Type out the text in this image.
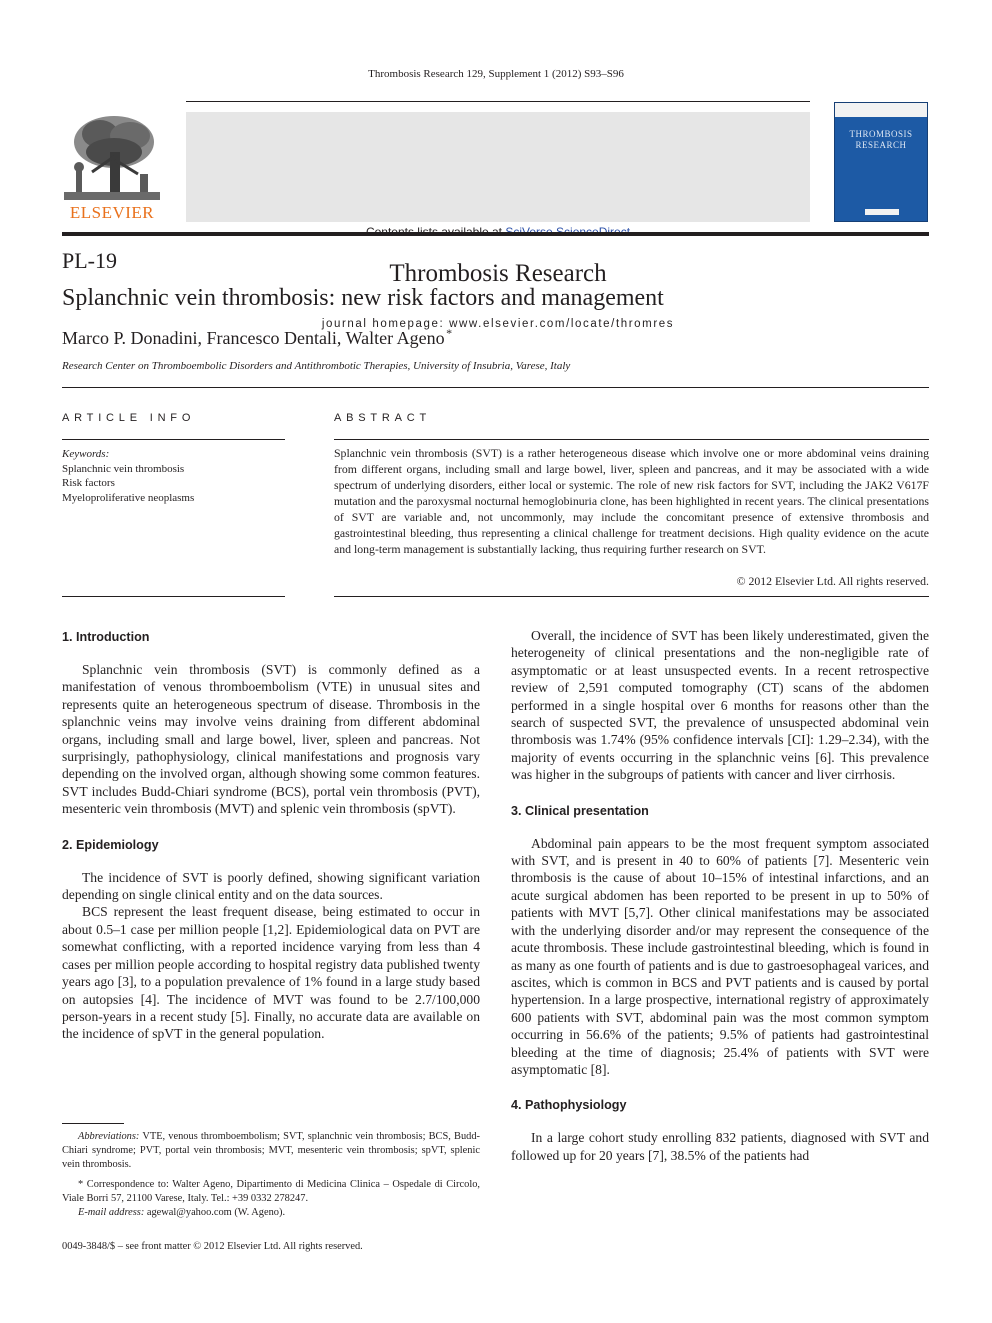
Thrombosis Research 129, Supplement 1 (2012) S93–S96
ELSEVIER
Contents lists available at SciVerse ScienceDirect
Thrombosis Research
journal homepage: www.elsevier.com/locate/thromres
THROMBOSIS
RESEARCH
PL-19
Splanchnic vein thrombosis: new risk factors and management
Marco P. Donadini, Francesco Dentali, Walter Ageno  *
Research Center on Thromboembolic Disorders and Antithrombotic Therapies, University of Insubria, Varese, Italy
ARTICLE INFO	ABSTRACT
Keywords:
Splanchnic vein thrombosis
Risk factors
Myeloproliferative neoplasms
Splanchnic vein thrombosis (SVT) is a rather heterogeneous disease which involve one or more abdominal veins draining from different organs, including small and large bowel, liver, spleen and pancreas, and it may be associated with a wide spectrum of underlying disorders, either local or systemic. The role of new risk factors for SVT, including the JAK2 V617F mutation and the paroxysmal nocturnal hemoglobinuria clone, has been highlighted in recent years. The clinical presentations of SVT are variable and, not uncommonly, may include the concomitant presence of extensive thrombosis and gastrointestinal bleeding, thus representing a clinical challenge for treatment decisions. High quality evidence on the acute and long-term management is substantially lacking, thus requiring further research on SVT.
© 2012 Elsevier Ltd. All rights reserved.
1. Introduction

Splanchnic vein thrombosis (SVT) is commonly defined as a manifestation of venous thromboembolism (VTE) in unusual sites and represents quite an heterogeneous spectrum of disease. Thrombosis in the splanchnic veins may involve veins draining from different abdominal organs, including small and large bowel, liver, spleen and pancreas. Not surprisingly, pathophysiology, clinical manifestations and prognosis vary depending on the involved organ, although showing some common features. SVT includes Budd-Chiari syndrome (BCS), portal vein thrombosis (PVT), mesenteric vein thrombosis (MVT) and splenic vein thrombosis (spVT).

2. Epidemiology

The incidence of SVT is poorly defined, showing significant variation depending on single clinical entity and on the data sources.

BCS represent the least frequent disease, being estimated to occur in about 0.5–1 case per million people [1,2]. Epidemiological data on PVT are somewhat conflicting, with a reported incidence varying from less than 4 cases per million people according to hospital registry data published twenty years ago [3], to a population prevalence of 1% found in a large study based on autopsies [4]. The incidence of MVT was found to be 2.7/100,000 person-years in a recent study [5]. Finally, no accurate data are available on the incidence of spVT in the general population.

Abbreviations: VTE, venous thromboembolism; SVT, splanchnic vein thrombosis; BCS, Budd-Chiari syndrome; PVT, portal vein thrombosis; MVT, mesenteric vein thrombosis; spVT, splenic vein thrombosis.

* Correspondence to: Walter Ageno, Dipartimento di Medicina Clinica – Ospedale di Circolo, Viale Borri 57, 21100 Varese, Italy. Tel.: +39 0332 278247.

E-mail address: agewal@yahoo.com (W. Ageno).

0049-3848/$ – see front matter © 2012 Elsevier Ltd. All rights reserved.

Overall, the incidence of SVT has been likely underestimated, given the heterogeneity of clinical presentations and the non-negligible rate of asymptomatic or at least unsuspected events. In a recent retrospective review of 2,591 computed tomography (CT) scans of the abdomen performed in a single hospital over 6 months for reasons other than the search of suspected SVT, the prevalence of unsuspected abdominal vein thrombosis was 1.74% (95% confidence intervals [CI]: 1.29–2.34), with the majority of events occurring in the splanchnic veins [6]. This prevalence was higher in the subgroups of patients with cancer and liver cirrhosis.

3. Clinical presentation

Abdominal pain appears to be the most frequent symptom associated with SVT, and is present in 40 to 60% of patients [7]. Mesenteric vein thrombosis is the cause of about 10–15% of intestinal infarctions, and an acute surgical abdomen has been reported to be present in up to 50% of patients with MVT [5,7]. Other clinical manifestations may be associated with the underlying disorder and/or may represent the consequence of the acute thrombosis. These include gastrointestinal bleeding, which is found in as many as one fourth of patients and is due to gastroesophageal varices, and ascites, which is common in BCS and PVT patients and is caused by portal hypertension. In a large prospective, international registry of approximately 600 patients with SVT, abdominal pain was the most common symptom occurring in 56.6% of the patients; 9.5% of patients had gastrointestinal bleeding at the time of diagnosis; 25.4% of patients with SVT were asymptomatic [8].

4. Pathophysiology

In a large cohort study enrolling 832 patients, diagnosed with SVT and followed up for 20 years [7], 38.5% of the patients had
